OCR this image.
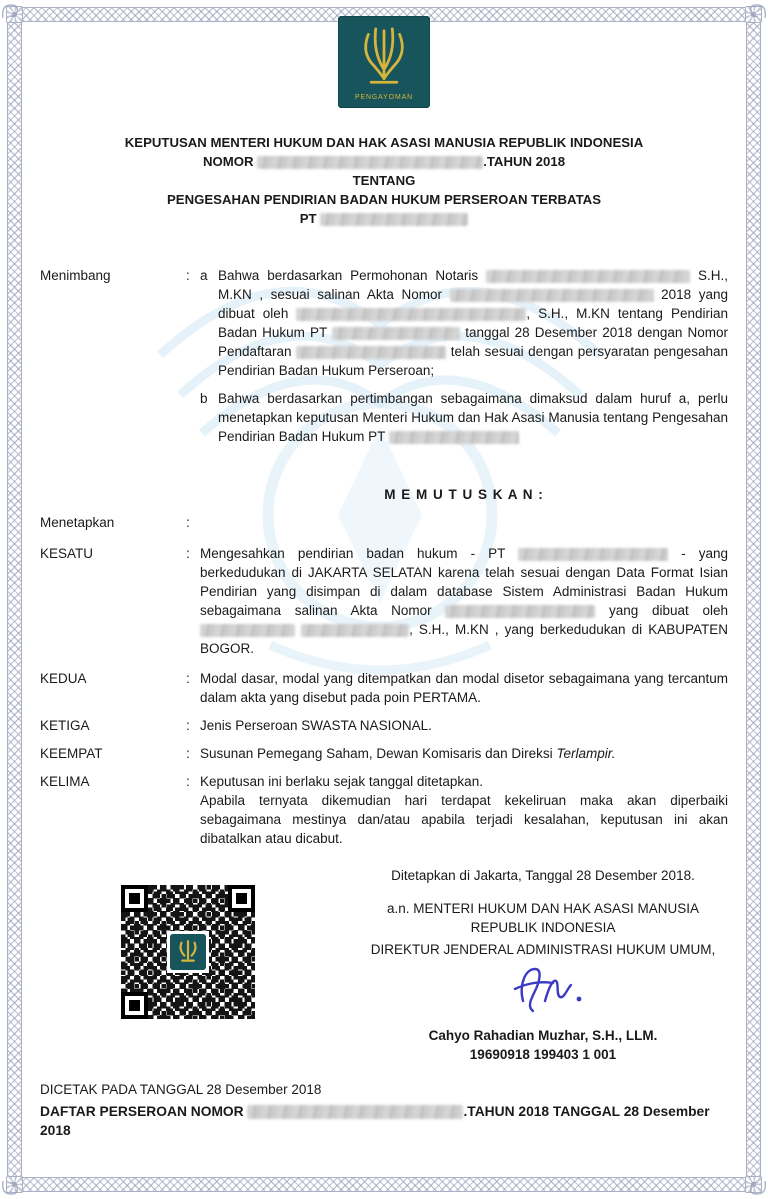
PENGAYOMAN
KEPUTUSAN MENTERI HUKUM DAN HAK ASASI MANUSIA REPUBLIK INDONESIA
NOMOR	.TAHUN 2018
TENTANG
PENGESAHAN PENDIRIAN BADAN HUKUM PERSEROAN TERBATAS
PT
Menimbang	: a Bahwa berdasarkan Permohonan Notaris	S.H., M.KN , sesuai salinan Akta Nomor	2018 yang dibuat oleh	, S.H., M.KN tentang Pendirian Badan Hukum PT	tanggal 28 Desember 2018 dengan Nomor Pendaftaran	telah sesuai dengan persyaratan pengesahan Pendirian Badan Hukum Perseroan;
b Bahwa berdasarkan pertimbangan sebagaimana dimaksud dalam huruf a, perlu menetapkan keputusan Menteri Hukum dan Hak Asasi Manusia tentang Pengesahan Pendirian Badan Hukum PT
M E M U T U S K A N :
Menetapkan	:
KESATU	: Mengesahkan pendirian badan hukum - PT	- yang berkedudukan di JAKARTA SELATAN karena telah sesuai dengan Data Format Isian Pendirian yang disimpan di dalam database Sistem Administrasi Badan Hukum sebagaimana salinan Akta Nomor	yang dibuat oleh  , S.H., M.KN , yang berkedudukan di KABUPATEN BOGOR.
KEDUA	: Modal dasar, modal yang ditempatkan dan modal disetor sebagaimana yang tercantum dalam akta yang disebut pada poin PERTAMA.
KETIGA	: Jenis Perseroan SWASTA NASIONAL.
KEEMPAT	: Susunan Pemegang Saham, Dewan Komisaris dan Direksi Terlampir.
KELIMA	: Keputusan ini berlaku sejak tanggal ditetapkan.
Apabila ternyata dikemudian hari terdapat kekeliruan maka akan diperbaiki sebagaimana mestinya dan/atau apabila terjadi kesalahan, keputusan ini akan dibatalkan atau dicabut.
Ditetapkan di Jakarta, Tanggal 28 Desember 2018.
a.n. MENTERI HUKUM DAN HAK ASASI MANUSIA
REPUBLIK INDONESIA
DIREKTUR JENDERAL ADMINISTRASI HUKUM UMUM,
Cahyo Rahadian Muzhar, S.H., LLM.
19690918 199403 1 001
DICETAK PADA TANGGAL 28 Desember 2018
DAFTAR PERSEROAN NOMOR	.TAHUN 2018 TANGGAL 28 Desember 2018
